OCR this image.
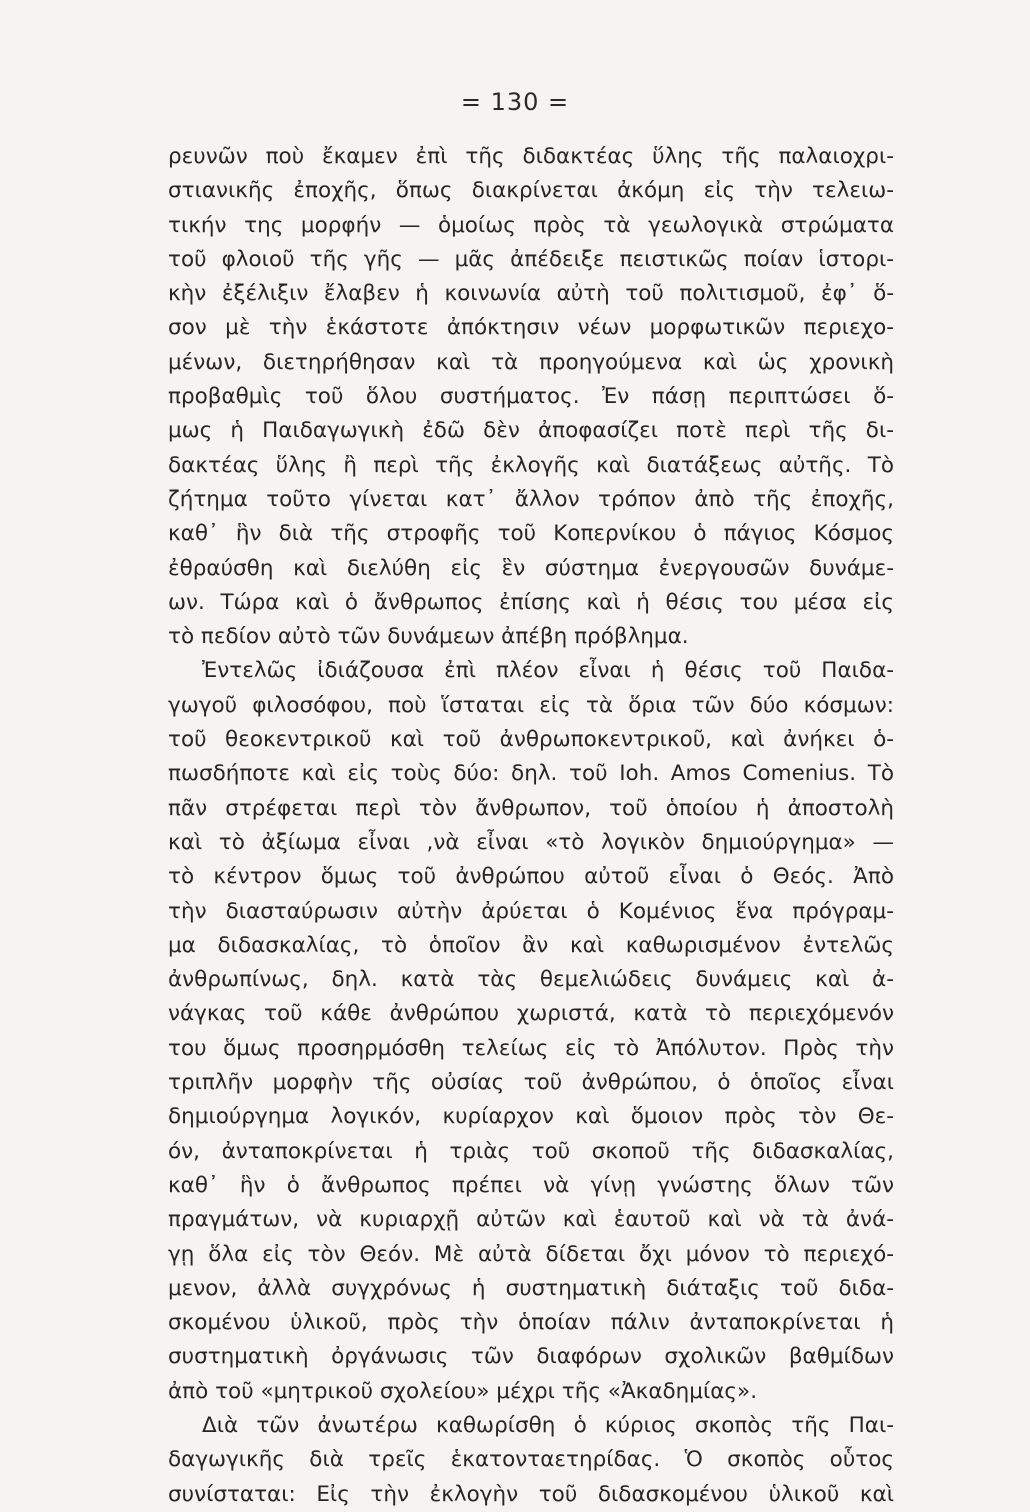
= 130 =
ρευνῶν ποὺ ἔκαμεν ἐπὶ τῆς διδακτέας ὕλης τῆς παλαιοχρι-
στιανικῆς ἐποχῆς, ὅπως διακρίνεται ἀκόμη εἰς τὴν τελειω-
τικήν της μορφήν — ὁμοίως πρὸς τὰ γεωλογικὰ στρώματα
τοῦ φλοιοῦ τῆς γῆς — μᾶς ἀπέδειξε πειστικῶς ποίαν ἱστορι-
κὴν ἐξέλιξιν ἔλαβεν ἡ κοινωνία αὐτὴ τοῦ πολιτισμοῦ, ἐφ᾽ ὅ-
σον μὲ τὴν ἑκάστοτε ἀπόκτησιν νέων μορφωτικῶν περιεχο-
μένων, διετηρήθησαν καὶ τὰ προηγούμενα καὶ ὡς χρονικὴ
προβαθμὶς τοῦ ὅλου συστήματος. Ἐν πάσῃ περιπτώσει ὅ-
μως ἡ Παιδαγωγικὴ ἐδῶ δὲν ἀποφασίζει ποτὲ περὶ τῆς δι-
δακτέας ὕλης ἢ περὶ τῆς ἐκλογῆς καὶ διατάξεως αὐτῆς. Τὸ
ζήτημα τοῦτο γίνεται κατ᾽ ἄλλον τρόπον ἀπὸ τῆς ἐποχῆς,
καθ᾽ ἣν διὰ τῆς στροφῆς τοῦ Κοπερνίκου ὁ πάγιος Κόσμος
ἐθραύσθη καὶ διελύθη εἰς ἓν σύστημα ἐνεργουσῶν δυνάμε-
ων. Τώρα καὶ ὁ ἄνθρωπος ἐπίσης καὶ ἡ θέσις του μέσα εἰς
τὸ πεδίον αὐτὸ τῶν δυνάμεων ἀπέβη πρόβλημα.
Ἐντελῶς ἰδιάζουσα ἐπὶ πλέον εἶναι ἡ θέσις τοῦ Παιδα-
γωγοῦ φιλοσόφου, ποὺ ἵσταται εἰς τὰ ὅρια τῶν δύο κόσμων:
τοῦ θεοκεντρικοῦ καὶ τοῦ ἀνθρωποκεντρικοῦ, καὶ ἀνήκει ὁ-
πωσδήποτε καὶ εἰς τοὺς δύο: δηλ. τοῦ Ioh. Amos Comenius. Τὸ
πᾶν στρέφεται περὶ τὸν ἄνθρωπον, τοῦ ὁποίου ἡ ἀποστολὴ
καὶ τὸ ἀξίωμα εἶναι ,νὰ εἶναι «τὸ λογικὸν δημιούργημα» —
τὸ κέντρον ὅμως τοῦ ἀνθρώπου αὐτοῦ εἶναι ὁ Θεός. Ἀπὸ
τὴν διασταύρωσιν αὐτὴν ἀρύεται ὁ Κομένιος ἕνα πρόγραμ-
μα διδασκαλίας, τὸ ὁποῖον ἂν καὶ καθωρισμένον ἐντελῶς
ἀνθρωπίνως, δηλ. κατὰ τὰς θεμελιώδεις δυνάμεις καὶ ἀ-
νάγκας τοῦ κάθε ἀνθρώπου χωριστά, κατὰ τὸ περιεχόμενόν
του ὅμως προσηρμόσθη τελείως εἰς τὸ Ἀπόλυτον. Πρὸς τὴν
τριπλῆν μορφὴν τῆς οὐσίας τοῦ ἀνθρώπου, ὁ ὁποῖος εἶναι
δημιούργημα λογικόν, κυρίαρχον καὶ ὅμοιον πρὸς τὸν Θε-
όν, ἀνταποκρίνεται ἡ τριὰς τοῦ σκοποῦ τῆς διδασκαλίας,
καθ᾽ ἣν ὁ ἄνθρωπος πρέπει νὰ γίνῃ γνώστης ὅλων τῶν
πραγμάτων, νὰ κυριαρχῇ αὐτῶν καὶ ἑαυτοῦ καὶ νὰ τὰ ἀνά-
γῃ ὅλα εἰς τὸν Θεόν. Μὲ αὐτὰ δίδεται ὄχι μόνον τὸ περιεχό-
μενον, ἀλλὰ συγχρόνως ἡ συστηματικὴ διάταξις τοῦ διδα-
σκομένου ὑλικοῦ, πρὸς τὴν ὁποίαν πάλιν ἀνταποκρίνεται ἡ
συστηματικὴ ὀργάνωσις τῶν διαφόρων σχολικῶν βαθμίδων
ἀπὸ τοῦ «μητρικοῦ σχολείου» μέχρι τῆς «Ἀκαδημίας».
Διὰ τῶν ἀνωτέρω καθωρίσθη ὁ κύριος σκοπὸς τῆς Παι-
δαγωγικῆς διὰ τρεῖς ἑκατονταετηρίδας. Ὁ σκοπὸς οὗτος
συνίσταται: Εἰς τὴν ἐκλογὴν τοῦ διδασκομένου ὑλικοῦ καὶ
